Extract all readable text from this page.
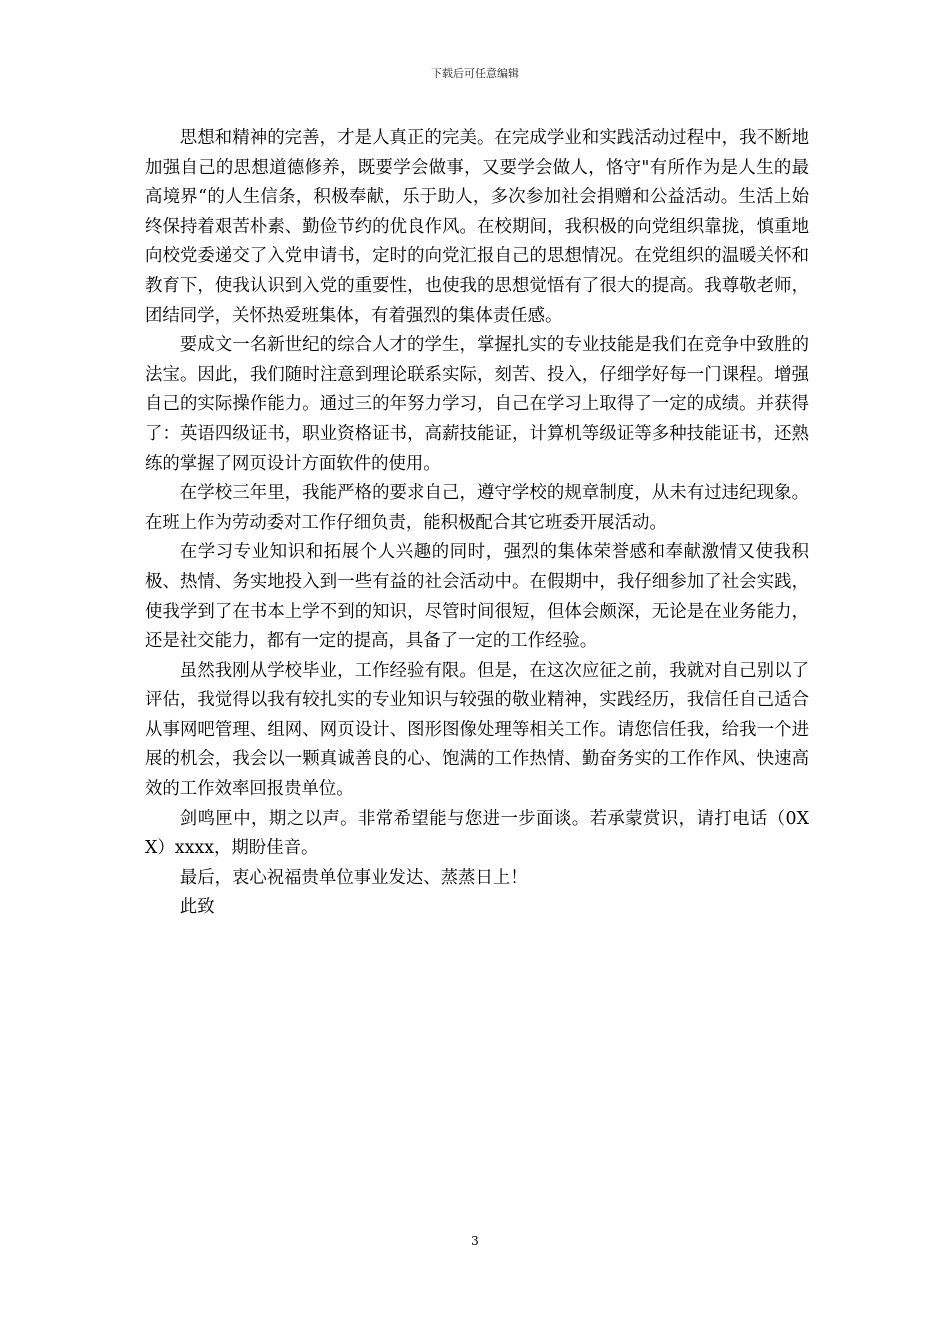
下载后可任意编辑

思想和精神的完善，才是人真正的完美。在完成学业和实践活动过程中，我不断地加强自己的思想道德修养，既要学会做事，又要学会做人，恪守"有所作为是人生的最高境界“的人生信条，积极奉献，乐于助人，多次参加社会捐赠和公益活动。生活上始终保持着艰苦朴素、勤俭节约的优良作风。在校期间，我积极的向党组织靠拢，慎重地向校党委递交了入党申请书，定时的向党汇报自己的思想情况。在党组织的温暖关怀和教育下，使我认识到入党的重要性，也使我的思想觉悟有了很大的提高。我尊敬老师，团结同学，关怀热爱班集体，有着强烈的集体责任感。

要成文一名新世纪的综合人才的学生，掌握扎实的专业技能是我们在竞争中致胜的法宝。因此，我们随时注意到理论联系实际，刻苦、投入，仔细学好每一门课程。增强自己的实际操作能力。通过三的年努力学习，自己在学习上取得了一定的成绩。并获得了：英语四级证书，职业资格证书，高薪技能证，计算机等级证等多种技能证书，还熟练的掌握了网页设计方面软件的使用。

在学校三年里，我能严格的要求自己，遵守学校的规章制度，从未有过违纪现象。在班上作为劳动委对工作仔细负责，能积极配合其它班委开展活动。

在学习专业知识和拓展个人兴趣的同时，强烈的集体荣誉感和奉献激情又使我积极、热情、务实地投入到一些有益的社会活动中。在假期中，我仔细参加了社会实践，使我学到了在书本上学不到的知识，尽管时间很短，但体会颇深，无论是在业务能力，还是社交能力，都有一定的提高，具备了一定的工作经验。

虽然我刚从学校毕业，工作经验有限。但是，在这次应征之前，我就对自己别以了评估，我觉得以我有较扎实的专业知识与较强的敬业精神，实践经历，我信任自己适合从事网吧管理、组网、网页设计、图形图像处理等相关工作。请您信任我，给我一个进展的机会，我会以一颗真诚善良的心、饱满的工作热情、勤奋务实的工作作风、快速高效的工作效率回报贵单位。

剑鸣匣中，期之以声。非常希望能与您进一步面谈。若承蒙赏识，请打电话（0XX）xxxx，期盼佳音。

最后，衷心祝福贵单位事业发达、蒸蒸日上！

此致

3
